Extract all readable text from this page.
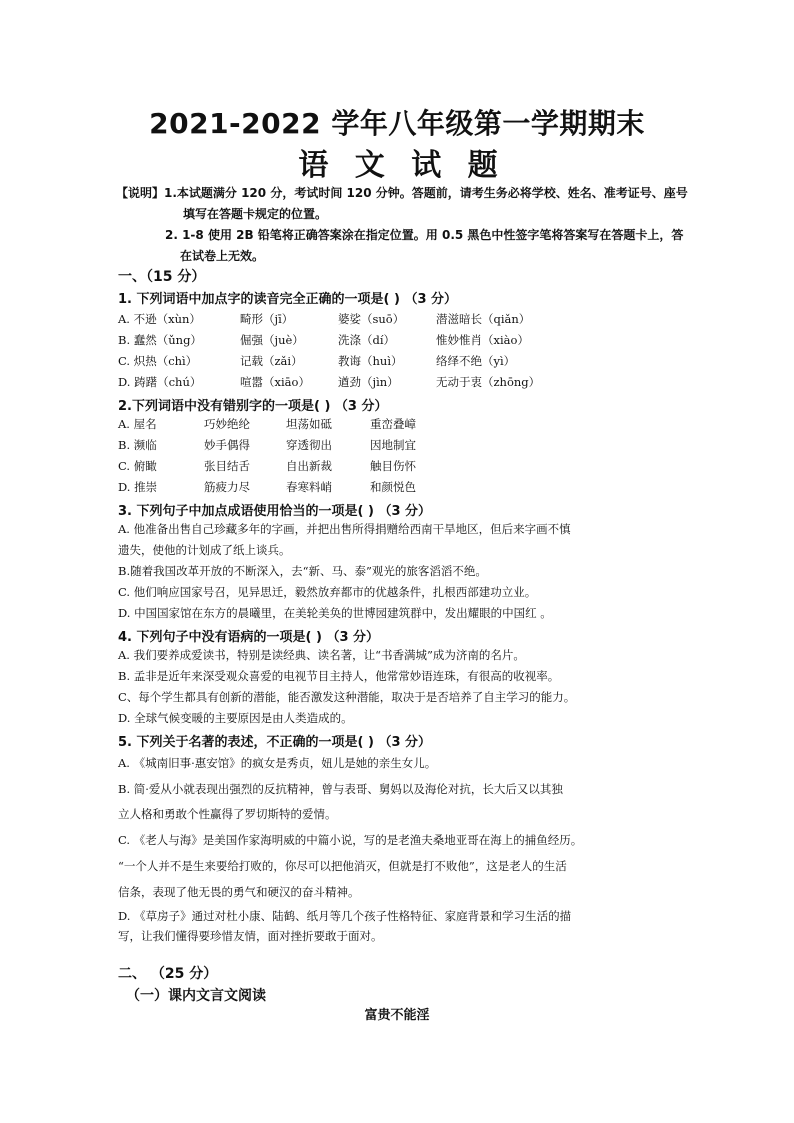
2021-2022 学年八年级第一学期期末
语 文 试 题
【说明】1.本试题满分 120 分，考试时间 120 分钟。答题前，请考生务必将学校、姓名、准考证号、座号
填写在答题卡规定的位置。
2. 1-8 使用 2B 铅笔将正确答案涂在指定位置。用 0.5 黑色中性签字笔将答案写在答题卡上，答
在试卷上无效。
一、（15 分）
1. 下列词语中加点字的读音完全正确的一项是( ) （3 分）
A. 不逊（xùn）	畸形（jī）	婆娑（suō）	潜滋暗长（qiǎn）
B. 蠢然（ǔng）	倔强（juè）	洗涤（dí）	惟妙惟肖（xiào）
C. 炽热（chì）	记载（zǎi）	教诲（huì）	络绎不绝（yì）
D. 踌躇（chú）	喧嚣（xiāo） 遒劲（jìn）	无动于衷（zhōng）
2.下列词语中没有错别字的一项是( ) （3 分）
A. 屋名	巧妙绝纶	坦荡如砥	重峦叠嶂
B. 濒临	妙手偶得	穿透彻出	因地制宜
C. 俯瞰	张目结舌	自出新裁	触目伤怀
D. 推崇	筋疲力尽	春寒料峭	和颜悦色
3. 下列句子中加点成语使用恰当的一项是( ) （3 分）
A. 他准备出售自己珍藏多年的字画，并把出售所得捐赠给西南干旱地区，但后来字画不慎
遗失，使他的计划成了纸上谈兵。
B.随着我国改革开放的不断深入，去“新、马、泰”观光的旅客滔滔不绝。
C. 他们响应国家号召，见异思迁，毅然放弃都市的优越条件，扎根西部建功立业。
D. 中国国家馆在东方的晨曦里，在美轮美奂的世博园建筑群中，发出耀眼的中国红 。
4. 下列句子中没有语病的一项是( ) （3 分）
A. 我们要养成爱读书，特别是读经典、读名著，让“书香满城”成为济南的名片。
B. 孟非是近年来深受观众喜爱的电视节目主持人，他常常妙语连珠，有很高的收视率。
C、每个学生都具有创新的潜能，能否激发这种潜能，取决于是否培养了自主学习的能力。
D. 全球气候变暖的主要原因是由人类造成的。
5. 下列关于名著的表述，不正确的一项是( ) （3 分）
A. 《城南旧事·惠安馆》的疯女是秀贞，妞儿是她的亲生女儿。
B. 简·爱从小就表现出强烈的反抗精神，曾与表哥、舅妈以及海伦对抗，长大后又以其独
立人格和勇敢个性赢得了罗切斯特的爱情。
C. 《老人与海》是美国作家海明威的中篇小说，写的是老渔夫桑地亚哥在海上的捕鱼经历。
“一个人并不是生来要给打败的，你尽可以把他消灭，但就是打不败他”，这是老人的生活
信条，表现了他无畏的勇气和硬汉的奋斗精神。
D. 《草房子》通过对杜小康、陆鹤、纸月等几个孩子性格特征、家庭背景和学习生活的描
写，让我们懂得要珍惜友情，面对挫折要敢于面对。
二、 （25 分）
（一）课内文言文阅读
富贵不能淫
